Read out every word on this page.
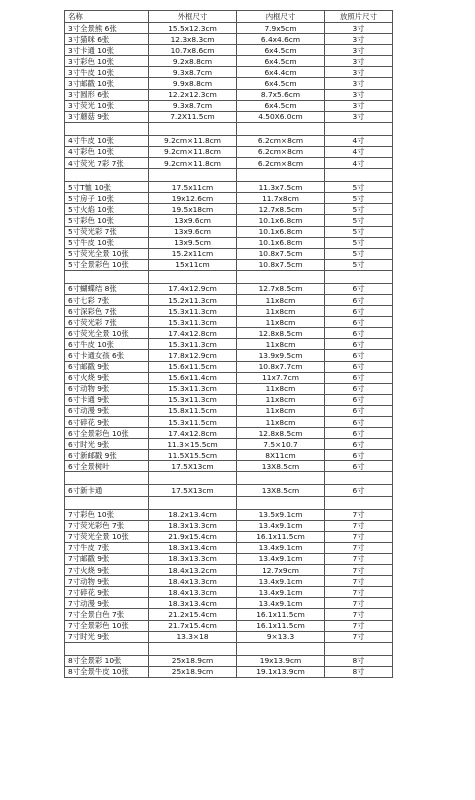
名称	外框尺寸	内框尺寸	放照片尺寸
3寸全景熊 6张	15.5x12.3cm	7.9x5cm	3寸
3寸猫咪 6张	12.3x8.3cm	6.4x4.6cm	3寸
3寸卡通 10张	10.7x8.6cm	6x4.5cm	3寸
3寸彩色 10张	9.2x8.8cm	6x4.5cm	3寸
3寸牛皮 10张	9.3x8.7cm	6x4.4cm	3寸
3寸邮戳 10张	9.9x8.8cm	6x4.5cm	3寸
3寸圆形 6张	12.2x12.3cm	8.7x5.6cm	3寸
3寸荧光 10张	9.3x8.7cm	6x4.5cm	3寸
3寸蘑菇 9张	7.2X11.5cm	4.50X6.0cm	3寸

4寸牛皮 10张	9.2cm×11.8cm	6.2cm×8cm	4寸
4寸彩色 10张	9.2cm×11.8cm	6.2cm×8cm	4寸
4寸荧光 7彩 7张	9.2cm×11.8cm	6.2cm×8cm	4寸

5寸T恤 10张	17.5x11cm	11.3x7.5cm	5寸
5寸房子 10张	19x12.6cm	11.7x8cm	5寸
5寸火焰 10张	19.5x18cm	12.7x8.5cm	5寸
5寸彩色 10张	13x9.6cm	10.1x6.8cm	5寸
5寸荧光彩 7张	13x9.6cm	10.1x6.8cm	5寸
5寸牛皮 10张	13x9.5cm	10.1x6.8cm	5寸
5寸荧光全景 10张	15.2x11cm	10.8x7.5cm	5寸
5寸全景彩色 10张	15x11cm	10.8x7.5cm	5寸

6寸蝴蝶结 8张	17.4x12.9cm	12.7x8.5cm	6寸
6寸七彩 7张	15.2x11.3cm	11x8cm	6寸
6寸深彩色 7张	15.3x11.3cm	11x8cm	6寸
6寸荧光彩 7张	15.3x11.3cm	11x8cm	6寸
6寸荧光全景 10张	17.4x12.8cm	12.8x8.5cm	6寸
6寸牛皮 10张	15.3x11.3cm	11x8cm	6寸
6寸卡通女孩 6张	17.8x12.9cm	13.9x9.5cm	6寸
6寸邮戳 9张	15.6x11.5cm	10.8x7.7cm	6寸
6寸火烧 9张	15.6x11.4cm	11x7.7cm	6寸
6寸动物 9张	15.3x11.3cm	11x8cm	6寸
6寸卡通 9张	15.3x11.3cm	11x8cm	6寸
6寸动漫 9张	15.8x11.5cm	11x8cm	6寸
6寸碎花 9张	15.3x11.5cm	11x8cm	6寸
6寸全景彩色 10张	17.4x12.8cm	12.8x8.5cm	6寸
6寸时光 9张	11.3×15.5cm	7.5×10.7	6寸
6寸新邮戳 9张	11.5X15.5cm	8X11cm	6寸
6寸全景树叶	17.5X13cm	13X8.5cm	6寸

6寸新卡通	17.5X13cm	13X8.5cm	6寸

7寸彩色 10张	18.2x13.4cm	13.5x9.1cm	7寸
7寸荧光彩色 7张	18.3x13.3cm	13.4x9.1cm	7寸
7寸荧光全景 10张	21.9x15.4cm	16.1x11.5cm	7寸
7寸牛皮 7张	18.3x13.4cm	13.4x9.1cm	7寸
7寸邮戳 9张	18.3x13.3cm	13.4x9.1cm	7寸
7寸火烧 9张	18.4x13.2cm	12.7x9cm	7寸
7寸动物 9张	18.4x13.3cm	13.4x9.1cm	7寸
7寸碎花 9张	18.4x13.3cm	13.4x9.1cm	7寸
7寸动漫 9张	18.3x13.4cm	13.4x9.1cm	7寸
7寸全景白色 7张	21.2x15.4cm	16.1x11.5cm	7寸
7寸全景彩色 10张	21.7x15.4cm	16.1x11.5cm	7寸
7寸时光 9张	13.3×18	9×13.3	7寸

8寸全景彩 10张	25x18.9cm	19x13.9cm	8寸
8寸全景牛皮 10张	25x18.9cm	19.1x13.9cm	8寸
